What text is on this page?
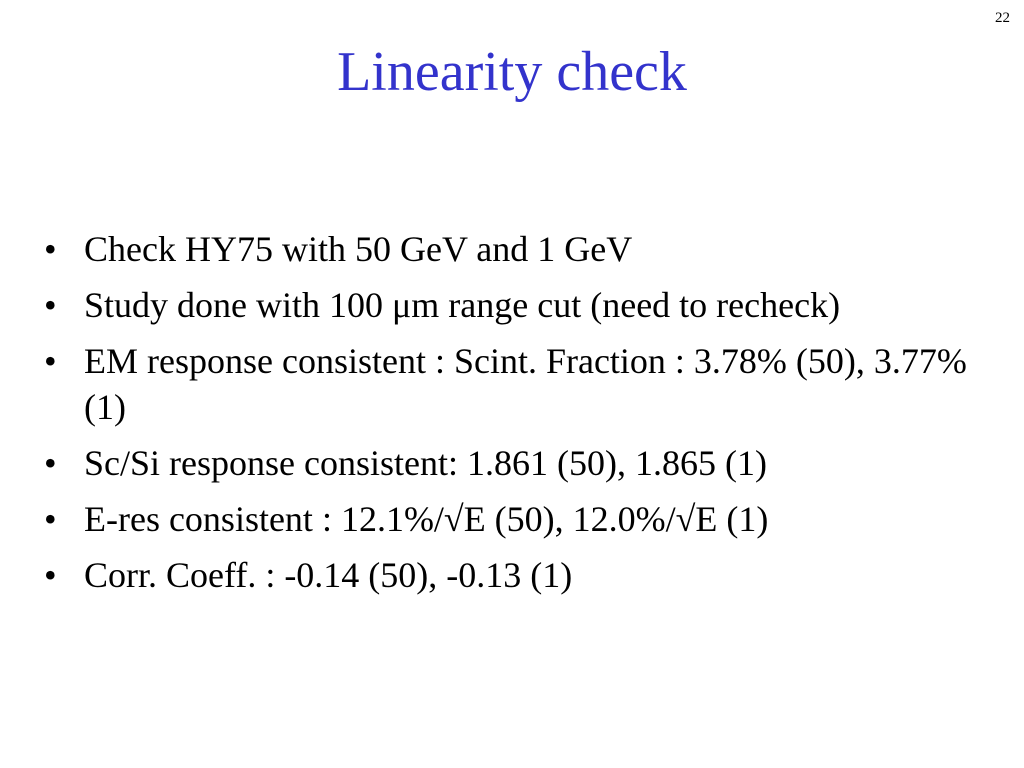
22
Linearity check
• Check HY75 with 50 GeV and 1 GeV
• Study done with 100 μm range cut (need to recheck)
• EM response consistent : Scint. Fraction : 3.78% (50), 3.77% (1)
• Sc/Si response consistent: 1.861 (50), 1.865 (1)
• E-res consistent : 12.1%/√E (50), 12.0%/√E (1)
• Corr. Coeff. : -0.14 (50), -0.13 (1)
